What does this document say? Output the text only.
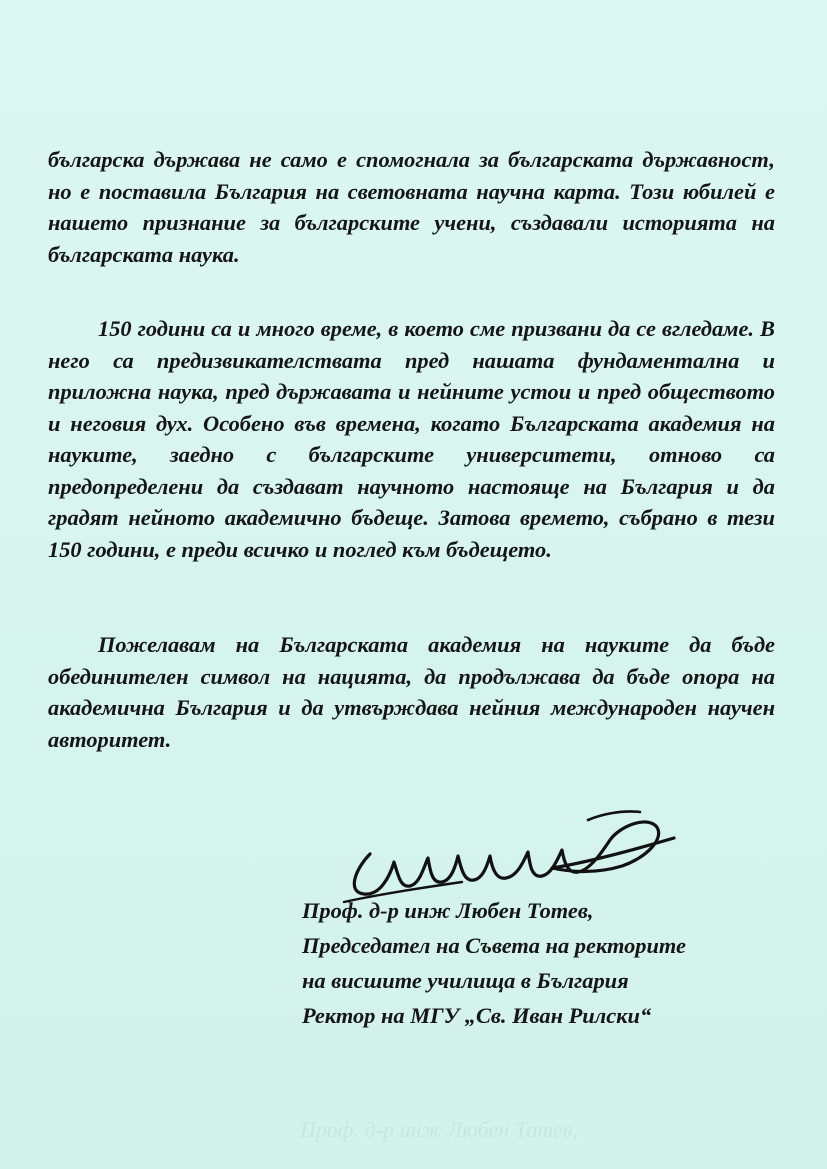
българска държава не само е спомогнала за българската държавност, но е поставила България на световната научна карта. Този юбилей е нашето признание за българските учени, създавали историята на българската наука.

150 години са и много време, в което сме призвани да се вгледаме. В него са предизвикателствата пред нашата фундаментална и приложна наука, пред държавата и нейните устои и пред обществото и неговия дух. Особено във времена, когато Българската академия на науките, заедно с българските университети, отново са предопределени да създават научното настояще на България и да градят нейното академично бъдеще. Затова времето, събрано в тези 150 години, е преди всичко и поглед към бъдещето.

Пожелавам на Българската академия на науките да бъде обединителен символ на нацията, да продължава да бъде опора на академична България и да утвърждава нейния международен научен авторитет.

Проф. д-р инж Любен Тотев,
Председател на Съвета на ректорите
на висшите училища в България
Ректор на МГУ „Св. Иван Рилски“
Проф. д-р инж Любен Тотев,
